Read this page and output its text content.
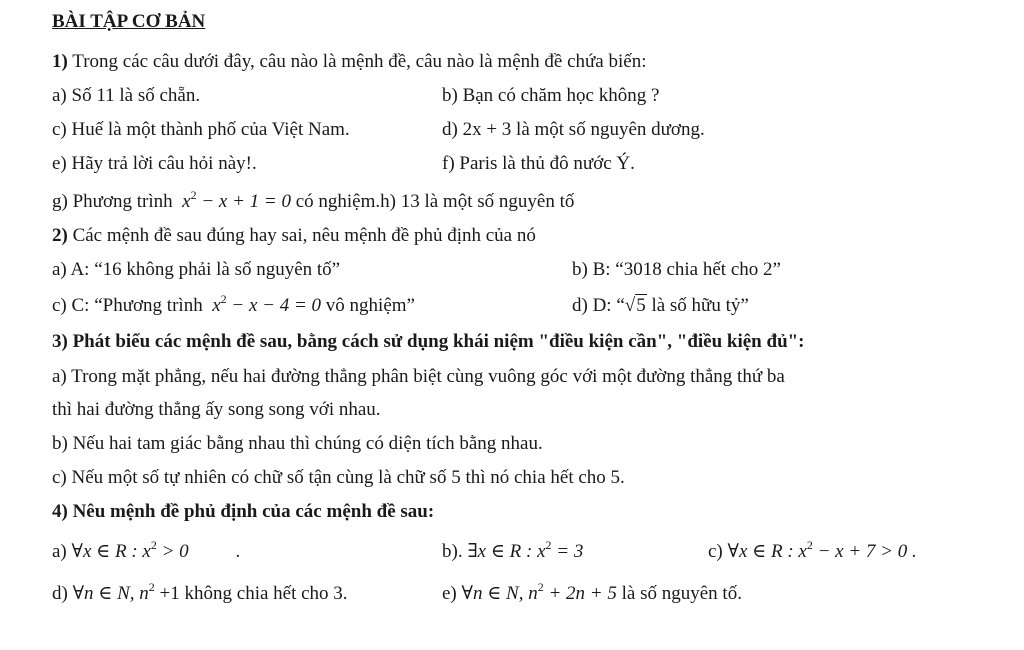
BÀI TẬP CƠ BẢN
1) Trong các câu dưới đây, câu nào là mệnh đề, câu nào là mệnh đề chứa biến:
a) Số 11 là số chẵn.	b) Bạn có chăm học không ?
c) Huế là một thành phố của Việt Nam.	d) 2x + 3 là một số nguyên dương.
e) Hãy trả lời câu hỏi này!.	f) Paris là thủ đô nước Ý.
g) Phương trình $x^2 - x + 1 = 0$ có nghiệm.h) 13 là một số nguyên tố
2) Các mệnh đề sau đúng hay sai, nêu mệnh đề phủ định của nó
a) A: “16 không phải là số nguyên tố”	b) B: “3018 chia hết cho 2”
c) C: “Phương trình $x^2 - x - 4 = 0$ vô nghiệm”	d) D: “√5 là số hữu tỷ”
3) Phát biểu các mệnh đề sau, bằng cách sử dụng khái niệm "điều kiện cần", "điều kiện đủ":
a) Trong mặt phẳng, nếu hai đường thẳng phân biệt cùng vuông góc với một đường thẳng thứ ba
thì hai đường thẳng ấy song song với nhau.
b) Nếu hai tam giác bằng nhau thì chúng có diện tích bằng nhau.
c) Nếu một số tự nhiên có chữ số tận cùng là chữ số 5 thì nó chia hết cho 5.
4) Nêu mệnh đề phủ định của các mệnh đề sau:
a) ∀x ∈ R : $x^2 > 0$ .	b). ∃x ∈ R : $x^2 = 3$	c) ∀x ∈ R : $x^2 - x + 7 > 0$ .
d) ∀n ∈ N, $n^2 +1$ không chia hết cho 3.	e) ∀n ∈ N, $n^2 + 2n + 5$ là số nguyên tố.
